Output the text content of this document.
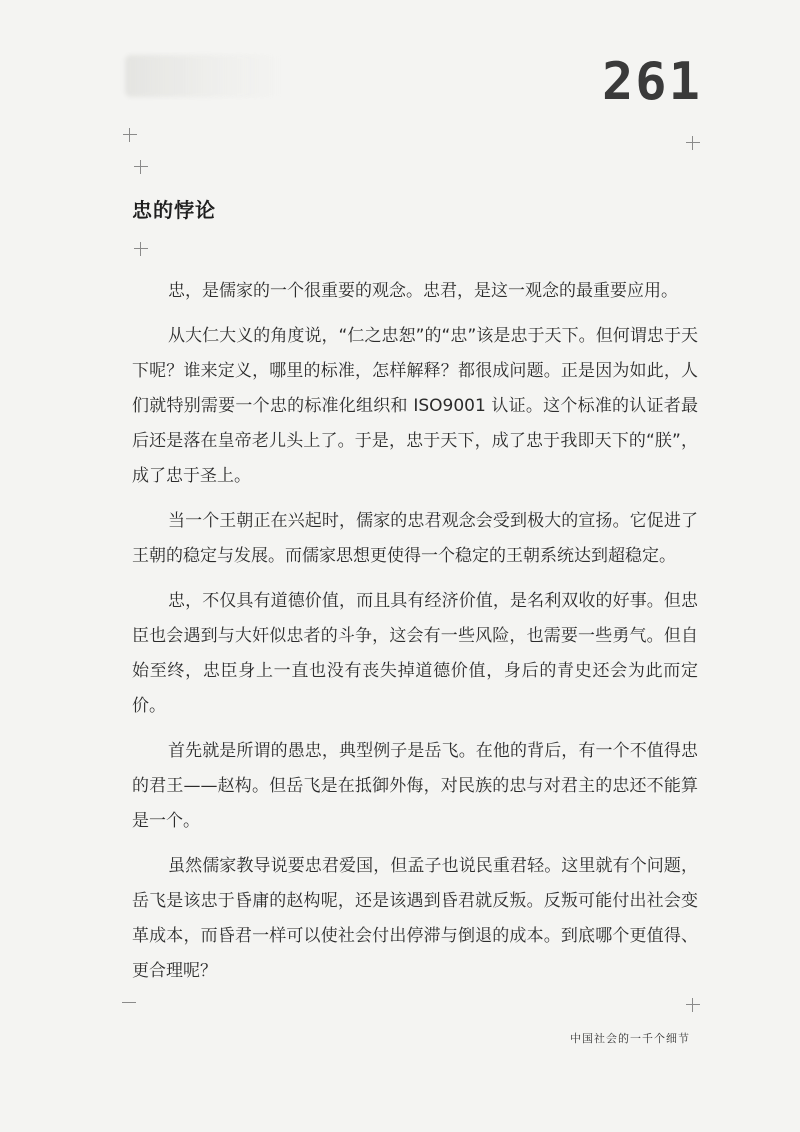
261
忠的悖论

忠，是儒家的一个很重要的观念。忠君，是这一观念的最重要应用。

从大仁大义的角度说，“仁之忠恕”的“忠”该是忠于天下。但何谓忠于天下呢？谁来定义，哪里的标准，怎样解释？都很成问题。正是因为如此，人们就特别需要一个忠的标准化组织和 ISO9001 认证。这个标准的认证者最后还是落在皇帝老儿头上了。于是，忠于天下，成了忠于我即天下的“朕”，成了忠于圣上。

当一个王朝正在兴起时，儒家的忠君观念会受到极大的宣扬。它促进了王朝的稳定与发展。而儒家思想更使得一个稳定的王朝系统达到超稳定。

忠，不仅具有道德价值，而且具有经济价值，是名利双收的好事。但忠臣也会遇到与大奸似忠者的斗争，这会有一些风险，也需要一些勇气。但自始至终，忠臣身上一直也没有丧失掉道德价值，身后的青史还会为此而定价。

首先就是所谓的愚忠，典型例子是岳飞。在他的背后，有一个不值得忠的君王——赵构。但岳飞是在抵御外侮，对民族的忠与对君主的忠还不能算是一个。

虽然儒家教导说要忠君爱国，但孟子也说民重君轻。这里就有个问题，岳飞是该忠于昏庸的赵构呢，还是该遇到昏君就反叛。反叛可能付出社会变革成本，而昏君一样可以使社会付出停滞与倒退的成本。到底哪个更值得、更合理呢？

中国社会的一千个细节
